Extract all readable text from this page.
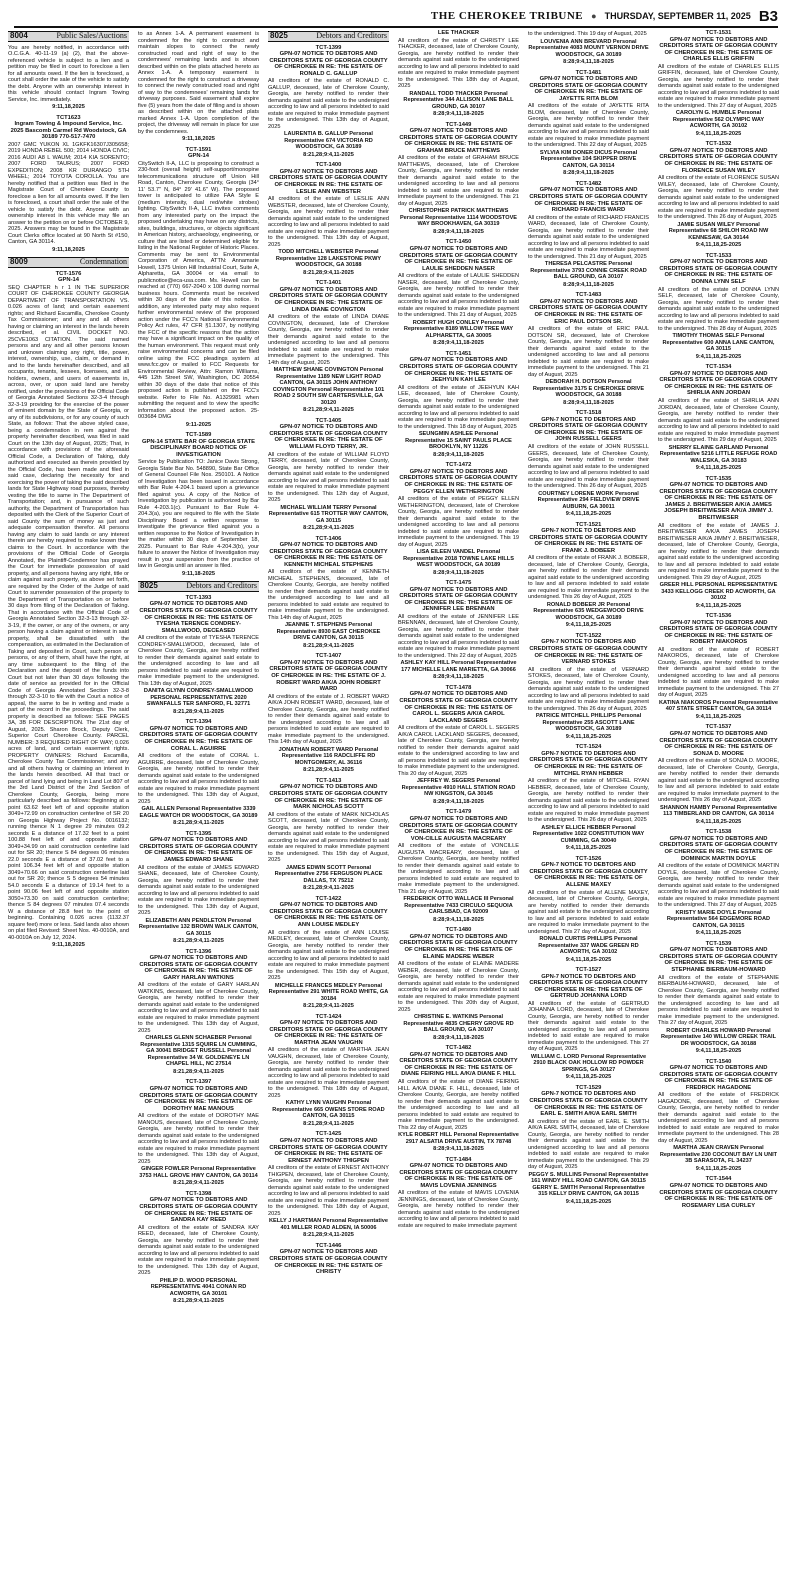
THE CHEROKEE TRIBUNE ● THURSDAY, SEPTEMBER 11, 2025 B3
8004	Public Sales/Auctions
You are hereby notified, in accordance with O.C.G.A. 40-11-19 (a) (2), that the above-referenced vehicle is subject to a lien and a petition may be filed in court to foreclose a lien for all amounts owed. If the lien is foreclosed, a court shall order the sale of the vehicle to satisfy the debt. Anyone with an ownership interest in this vehicle should contact Ingram Towing Service, Inc. immediately.
9:11,18,2025
TCT1623
Ingram Towing & Impound Service, Inc. 2025 Bascomb Carmel Rd Woodstock, GA 30189 770-517-7470
2007 GMC YUKON XL 1GKFK16307J305658; 2019 HONDA REBEL 500; 2014 HONDA CIVIC; 2016 AUDI A8 L WAUM; 2014 KIA SORENTO; 2007 FORD TAURUS; 2007 FORD EXPEDITION; 2008 KR DURANGO 5TH WHEEL; 2014 TOYOTA COROLLA. You are hereby notified that a petition was filed in the Magistrate Court of Cherokee County to foreclose a lien for all amounts owed. If the lien is foreclosed, a court shall order the sale of the vehicle to satisfy the debt. Anyone with an ownership interest in this vehicle may file an answer to the petition on or before OCTOBER 9, 2025. Answers may be found in the Magistrate Court Clerks office located at 90 North St #150, Canton, GA 30114.
9:11,18,2025
8009	Condemnation
TCT-1576
GPN-14
SEQ CHAPTER h r 1 IN THE SUPERIOR COURT OF CHEROKEE COUNTY GEORGIA DEPARTMENT OF TRANSPORTATION VS. 0.026 acres of land; and certain easement rights; and Richard Escamilla, Cherokee County Tax Commissioner; and any and all others having or claiming an interest in the lands herein described, et al. CIVIL DOCKET NO. 25CVE1063 CITATION. The said named persons and any and all other persons known and unknown claiming any right, title, power, interest, ownership, use, claim, or demand in and to the lands hereinafter described, and all occupants, tenants, lessees, licensees, and all holders, owners, and users of easements in, across, over, or upon said land are hereby notified, under the provisions of the Official Code of Georgia Annotated Sections 32-3-4 through 32-3-19 providing for the exercise of the power of eminent domain by the State of Georgia, or any of its subdivisions, or for any county of such State, as follows: That the above styled case, being a condemnation in rem against the property hereinafter described, was filed in said Court on the 13th day of August, 2025; That, in accordance with provisions of the aforesaid Official Code, a Declaration of Taking, duly authorized and executed as therein provided by the Official Code, has been made and filed in said case, declaring the necessity for and exercising the power of taking the said described lands for State Highway road purposes, thereby vesting the title to same in The Department of Transportation; and, in pursuance of such authority, the Department of Transportation has deposited with the Clerk of the Superior Court of said County the sum of money as just and adequate compensation therefor. All persons having any claim to said lands or any interest therein are hereby required to make known their claims to the Court. In accordance with the provisions of the Official Code of Georgia Annotated, the Plaintiff-Condemnor has prayed the Court for immediate possession of said property, and all persons having any right, title or claim against such property, as above set forth, are required by the Order of the Judge of said Court to surrender possession of the property to the Department of Transportation on or before 30 days from filing of the Declaration of Taking. That in accordance with the Official Code of Georgia Annotated Section 32-3-13 through 32-3-19, if the owner, or any of the owners, or any person having a claim against or interest in said property, shall be dissatisfied with the compensation, as estimated in the Declaration of Taking and deposited in Court, such person or persons, or any of them, shall have the right, at any time subsequent to the filing of the Declaration and the deposit of the funds into Court but not later than 30 days following the date of service as provided for in the Official Code of Georgia Annotated Section 32-3-8 through 32-3-10 to file with the Court a notice of appeal, the same to be in writing and made a part of the record in the proceedings. The said property is described as follows: SEE PAGES 3A, 3B FOR DESCRIPTION. The 21st day of August, 2025. Sharon Brock, Deputy Clerk, Superior Court Cherokee County. PARCEL NUMBER: 3 REQUIRED RIGHT OF WAY; 0.026 acres of land, and certain easement rights. PROPERTY OWNERS: Richard Escamilla, Cherokee County Tax Commissioner; and any and all others having or claiming an interest in the lands herein described. All that tract or parcel of land lying and being in Land Lot 807 of the 3rd Land District of the 2nd Section of Cherokee County, Georgia, being more particularly described as follows: Beginning at a point 63.62 feet left of and opposite station 3049+72.99 on construction centerline of SR 20 on Georgia Highway Project No. 0016132; running thence N 1 degree 29 minutes 09.2 seconds E a distance of 17.32 feet to a point 100.88 feet left of and opposite station 3049+34.99 on said construction centerline laid out for SR 20; thence S 84 degrees 06 minutes 22.0 seconds E a distance of 37.02 feet to a point 106.34 feet left of and opposite station 3049+70.66 on said construction centerline laid out for SR 20; thence S 5 degrees 54 minutes 54.0 seconds E a distance of 19.14 feet to a point 90.06 feet left of and opposite station 3050+73.30 on said construction centerline; thence S 84 degrees 07 minutes 07.4 seconds W a distance of 28.8 feet to the point of beginning. Containing 0.026 acres (1132.37 square feet) more or less. Said lands also shown on plat filed Revised: Sheet Nos. 40-0010A, and 40-0010A on July 12, 2024.
9:11,18,2025
to as Annex 1-A. A permanent easement is condemned for the right to construct and maintain slopes to connect the newly constructed road and right of way to the condemnees' remaining lands and is shown described within on the plats attached hereto as Annex 1-A. A temporary easement is condemned for the right to construct a driveway to connect the newly constructed road and right of way to the condemnees' remaining lands for driveway purposes. Said easement shall expire five (5) years from the date of filing and is shown as described within on the attached plats marked Annex 1-A. Upon completion of the project, the driveway will remain in place for use by the condemnees.
9:11,18,2025
TCT-1591
GPN-14
CitySwitch II-A, LLC is proposing to construct a 230-foot (overall height) self-support/monopine telecommunications structure off Union Hill Road, Canton, Cherokee County, Georgia (34° 11' 53.7" N, 84° 29' 41.6" W). The proposed tower is anticipated to utilize FAA Style E (medium intensity, dual red/white strobes) lighting. CitySwitch II-A, LLC invites comments from any interested party on the impact the proposed undertaking may have on any districts, sites, buildings, structures, or objects significant in American history, archaeology, engineering, or culture that are listed or determined eligible for listing in the National Register of Historic Places. Comments may be sent to Environmental Corporation of America, ATTN: Annamarie Howell, 1375 Union Hill Industrial Court, Suite A, Alpharetta, GA 30004 or via email to publicnotice@eca-usa.com. Ms. Howell can be reached at (770) 667-2040 x 108 during normal business hours. Comments must be received within 30 days of the date of this notice. In addition, any interested party may also request further environmental review of the proposed action under the FCC's National Environmental Policy Act rules, 47 CFR §1.1307, by notifying the FCC of the specific reasons that the action may have a significant impact on the quality of the human environment. This request must only raise environmental concerns and can be filed online using the FCC pleadings system at www.fcc.gov or mailed to FCC Requests for Environmental Review, Attn: Ramon Williams, 445 12th Street SW, Washington, DC 20554 within 30 days of the date that notice of this proposed action is published on the FCC's website. Refer to File No. A1329981 when submitting the request and to view the specific information about the proposed action. 25-003684 DMG
9:11-2025
TCT-1589
GPN-14 STATE BAR OF GEORGIA STATE DISCIPLINARY BOARD NOTICE OF INVESTIGATION
Service by Publication TO: Janice Davis Strong, Georgia State Bar No. 548890, State Bar Office of General Counsel File Nos. 250101. A Notice of Investigation has been issued in accordance with Bar Rule 4-204.1 based upon a grievance filed against you. A copy of the Notice of Investigation by publication is authorized by Bar Rule 4-203.1(c). Pursuant to Bar Rule 4-204.3(a), you are required to file with the State Disciplinary Board a written response to investigate the grievance filed against you a written response to the Notice of Investigation in the matter within 30 days of September 18, 2025. Pursuant to Bar Rule 4-204.3(b), your failure to answer the Notice of Investigation may result in your suspension from the practice of law in Georgia until an answer is filed.
9:11,18-2025
8025	Debtors and Creditors
TCT-1393
GPN-07 NOTICE TO DEBTORS AND CREDITORS STATE OF GEORGIA COUNTY OF CHEROKEE IN RE: THE ESTATE OF TYESHA TERENCE CONDREY-SMALLWOOD, DECEASED
All creditors of the estate of TYESHA TERENCE CONDREY-SMALLWOOD, deceased, late of Cherokee County, Georgia, are hereby notified to render their demands against said estate to the undersigned according to law and all persons indebted to said estate are required to make immediate payment to the undersigned. This 13th day of August, 2025
DANITA GLYNN CONDREY-SMALLWOOD PERSONAL REPRESENTATIVE 2020 SWANFALLS TER SANFORD, FL 32771
8:21,28;9:4,11-2025
TCT-1394
GPN-07 NOTICE TO DEBTORS AND CREDITORS STATE OF GEORGIA COUNTY OF CHEROKEE IN RE: THE ESTATE OF CORAL L. AGUIRRE
All creditors of the estate of CORAL L. AGUIRRE, deceased, late of Cherokee County, Georgia, are hereby notified to render their demands against said estate to the undersigned according to law and all persons indebted to said estate are required to make immediate payment to the undersigned. This 13th day of August, 2025
GAIL ALLEN Personal Representative 3339 EAGLE WATCH DR WOODSTOCK, GA 30189
8:21,28;9:4,11-2025
TCT-1395
GPN-07 NOTICE TO DEBTORS AND CREDITORS STATE OF GEORGIA COUNTY OF CHEROKEE IN RE: THE ESTATE OF JAMES EDWARD SHANE
All creditors of the estate of JAMES EDWARD SHANE, deceased, late of Cherokee County, Georgia, are hereby notified to render their demands against said estate to the undersigned according to law and all persons indebted to said estate are required to make immediate payment to the undersigned. This 13th day of August, 2025
ELIZABETH ANN PENDLETON Personal Representative 132 BROWN WALK CANTON, GA 30115
8:21,28;9:4,11-2025
TCT-1396
GPN-07 NOTICE TO DEBTORS AND CREDITORS STATE OF GEORGIA COUNTY OF CHEROKEE IN RE: THE ESTATE OF GARY HARLAN WATKINS
All creditors of the estate of GARY HARLAN WATKINS, deceased, late of Cherokee County, Georgia, are hereby notified to render their demands against said estate to the undersigned according to law and all persons indebted to said estate are required to make immediate payment to the undersigned. This 13th day of August, 2025
CHARLES GLENN SCHAEBER Personal Representative 1315 SQUIRE LN CUMMING, GA 30041 BRIDGET RUSSELL Personal Representative 34 W. GOLDENEYE LN CHAPEL HILL, NC 27514
8:21,28;9:4,11-2025
TCT-1397
GPN-07 NOTICE TO DEBTORS AND CREDITORS STATE OF GEORGIA COUNTY OF CHEROKEE IN RE: THE ESTATE OF DOROTHY MAE MANOUS
All creditors of the estate of DOROTHY MAE MANOUS, deceased, late of Cherokee County, Georgia, are hereby notified to render their demands against said estate to the undersigned according to law and all persons indebted to said estate are required to make immediate payment to the undersigned. This 13th day of August, 2025
GINGER FOWLER Personal Representative 3753 HALL GROVE HWY CANTON, GA 30114
8:21,28;9:4,11-2025
TCT-1398
GPN-07 NOTICE TO DEBTORS AND CREDITORS STATE OF GEORGIA COUNTY OF CHEROKEE IN RE: THE ESTATE OF SANDRA KAY REED
All creditors of the estate of SANDRA KAY REED, deceased, late of Cherokee County, Georgia, are hereby notified to render their demands against said estate to the undersigned according to law and all persons indebted to said estate are required to make immediate payment to the undersigned. This 13th day of August, 2025
PHILIP D. WOOD PERSONAL REPRESENTATIVE 4041 CONAN RD ACWORTH, GA 30101
8:21,28;9:4,11-2025
8025	Debtors and Creditors
TCT-1399
GPN-07 NOTICE TO DEBTORS AND CREDITORS STATE OF GEORGIA COUNTY OF CHEROKEE IN RE: THE ESTATE OF RONALD C. GALLUP
All creditors of the estate of RONALD C. GALLUP, deceased, late of Cherokee County, Georgia, are hereby notified to render their demands against said estate to the undersigned according to law and all persons indebted to said estate are required to make immediate payment to the undersigned. This 13th day of August, 2025
LAURENTIA B. GALLUP Personal Representative 674 VICTORIA RD WOODSTOCK, GA 30189
8:21,28;9:4,11-2025
TCT-1400
GPN-07 NOTICE TO DEBTORS AND CREDITORS STATE OF GEORGIA COUNTY OF CHEROKEE IN RE: THE ESTATE OF LESLIE ANN WEBSTER
All creditors of the estate of LESLIE ANN WEBSTER, deceased, late of Cherokee County, Georgia, are hereby notified to render their demands against said estate to the undersigned according to law and all persons indebted to said estate are required to make immediate payment to the undersigned. This 13th day of August, 2025
TODD MITCHELL WEBSTER Personal Representative 128 LAKESTONE PKWY WOODSTOCK, GA 30188
8:21,28;9:4,11-2025
TCT-1401
GPN-07 NOTICE TO DEBTORS AND CREDITORS STATE OF GEORGIA COUNTY OF CHEROKEE IN RE: THE ESTATE OF LINDA DIANE COVINGTON
All creditors of the estate of LINDA DIANE COVINGTON, deceased, late of Cherokee County, Georgia, are hereby notified to render their demands against said estate to the undersigned according to law and all persons indebted to said estate are required to make immediate payment to the undersigned. This 14th day of August, 2025
MATTHEW SHANE COVINGTON Personal Representative 1189 NEW LIGHT ROAD CANTON, GA 30115 JOHN ANTHONY COVINGTON Personal Representative 101 ROAD 2 SOUTH SW CARTERSVILLE, GA 30120
8:21,28;9:4,11-2025
TCT-1405
GPN-07 NOTICE TO DEBTORS AND CREDITORS STATE OF GEORGIA COUNTY OF CHEROKEE IN RE: THE ESTATE OF WILLIAM FLOYD TERRY, JR.
All creditors of the estate of WILLIAM FLOYD TERRY, deceased, late of Cherokee County, Georgia, are hereby notified to render their demands against said estate to the undersigned according to law and all persons indebted to said estate are required to make immediate payment to the undersigned. This 12th day of August, 2025
MICHAEL WILLIAM TERRY Personal Representative 615 TROTTER WAY CANTON, GA 30115
8:21,28;9:4,11-2025
TCT-1406
GPN-07 NOTICE TO DEBTORS AND CREDITORS STATE OF GEORGIA COUNTY OF CHEROKEE IN RE: THE ESTATE OF KENNETH MICHEAL STEPHENS
All creditors of the estate of KENNETH MICHEAL STEPHENS, deceased, late of Cherokee County, Georgia, are hereby notified to render their demands against said estate to the undersigned according to law and all persons indebted to said estate are required to make immediate payment to the undersigned. This 14th day of August, 2025
JEANNIE T. STEPHENS Personal Representative 8930 EAST CHEROKEE DRIVE CANTON, GA 30115
8:21,28;9:4,11-2025
TCT-1407
GPN-07 NOTICE TO DEBTORS AND CREDITORS STATE OF GEORGIA COUNTY OF CHEROKEE IN RE: THE ESTATE OF J. ROBERT WARD A/K/A JOHN ROBERT WARD
All creditors of the estate of J. ROBERT WARD A/K/A JOHN ROBERT WARD, deceased, late of Cherokee County, Georgia, are hereby notified to render their demands against said estate to the undersigned according to law and all persons indebted to said estate are required to make immediate payment to the undersigned. This 14th day of August, 2025
JONATHAN ROBERT WARD Personal Representative 116 RADCLIFFE RD MONTGOMERY, AL 36116
8:21,28;9:4,11-2025
TCT-1413
GPN-07 NOTICE TO DEBTORS AND CREDITORS STATE OF GEORGIA COUNTY OF CHEROKEE IN RE: THE ESTATE OF MARK NICHOLAS SCOTT
All creditors of the estate of MARK NICHOLAS SCOTT, deceased, late of Cherokee County, Georgia, are hereby notified to render their demands against said estate to the undersigned according to law and all persons indebted to said estate are required to make immediate payment to the undersigned. This 15th day of August, 2025
JAMES EDWIN SCOTT Personal Representative 2756 FERGUSON PLACE DALLAS, TX 75212
8:21,28;9:4,11-2025
TCT-1422
GPN-07 NOTICE TO DEBTORS AND CREDITORS STATE OF GEORGIA COUNTY OF CHEROKEE IN RE: THE ESTATE OF ANN LOUISE MEDLEY
All creditors of the estate of ANN LOUISE MEDLEY, deceased, late of Cherokee County, Georgia, are hereby notified to render their demands against said estate to the undersigned according to law and all persons indebted to said estate are required to make immediate payment to the undersigned. This 15th day of August, 2025
MICHELLE FRANCES MEDLEY Personal Representative 291 WHITE ROAD WHITE, GA 30184
8:21,28;9:4,11-2025
TCT-1424
GPN-07 NOTICE TO DEBTORS AND CREDITORS STATE OF GEORGIA COUNTY OF CHEROKEE IN RE: THE ESTATE OF MARTHA JEAN VAUGHN
All creditors of the estate of MARTHA JEAN VAUGHN, deceased, late of Cherokee County, Georgia, are hereby notified to render their demands against said estate to the undersigned according to law and all persons indebted to said estate are required to make immediate payment to the undersigned. This 18th day of August, 2025
KATHY LYNN VAUGHN Personal Representative 665 OWENS STORE ROAD CANTON, GA 30115
8:21,28;9:4,11-2025
TCT-1425
GPN-07 NOTICE TO DEBTORS AND CREDITORS STATE OF GEORGIA COUNTY OF CHEROKEE IN RE: THE ESTATE OF ERNEST ANTHONY THIGPEN
All creditors of the estate of ERNEST ANTHONY THIGPEN, deceased, late of Cherokee County, Georgia, are hereby notified to render their demands against said estate to the undersigned according to law and all persons indebted to said estate are required to make immediate payment to the undersigned. This 18th day of August, 2025
KELLY J HARTMAN Personal Representative 401 MILLER ROAD ALDEN, IA 50006
8:21,28;9:4,11-2025
TCT-1446
GPN-07 NOTICE TO DEBTORS AND CREDITORS STATE OF GEORGIA COUNTY OF CHEROKEE IN RE: THE ESTATE OF CHRISTY
LEE THACKER
All creditors of the estate of CHRISTY LEE THACKER, deceased, late of Cherokee County, Georgia, are hereby notified to render their demands against said estate to the undersigned according to law and all persons indebted to said estate are required to make immediate payment to the undersigned. This 18th day of August, 2025
RANDALL TODD THACKER Personal Representative 344 ALLISON LANE BALL GROUND, GA 30107
8:28;9:4,11,18-2025
TCT-1449
GPN-07 NOTICE TO DEBTORS AND CREDITORS STATE OF GEORGIA COUNTY OF CHEROKEE IN RE: THE ESTATE OF GRAHAM BRUCE MATTHEWS
All creditors of the estate of GRAHAM BRUCE MATTHEWS, deceased, late of Cherokee County, Georgia, are hereby notified to render their demands against said estate to the undersigned according to law and all persons indebted to said estate are required to make immediate payment to the undersigned. This 21 day of August, 2025
CHRISTOPHER PATRICK MATTHEWS Personal Representative 1114 WOODSTOVE WAY BROOKHAVEN, GA 30319
8:28;9:4,11,18-2025
TCT-1450
GPN-07 NOTICE TO DEBTORS AND CREDITORS STATE OF GEORGIA COUNTY OF CHEROKEE IN RE: THE ESTATE OF LAULIE SHEDDEN NASER
All creditors of the estate of LAULIE SHEDDEN NASER, deceased, late of Cherokee County, Georgia, are hereby notified to render their demands against said estate to the undersigned according to law and all persons indebted to said estate are required to make immediate payment to the undersigned. This 21 day of August, 2025
ROBERT HUGH CONLEY Personal Representative 8189 WILLOW TREE WAY ALPHARETTA, GA 30005
8:28;9:4,11,18-2025
TCT-1451
GPN-07 NOTICE TO DEBTORS AND CREDITORS STATE OF GEORGIA COUNTY OF CHEROKEE IN RE: THE ESTATE OF JEEHYUN KAH LEE
All creditors of the estate of JEEHYUN KAH LEE, deceased, late of Cherokee County, Georgia, are hereby notified to render their demands against said estate to the undersigned according to law and all persons indebted to said estate are required to make immediate payment to the undersigned. This 18 day of August, 2025
SEUNGMIN ASHLEE Personal Representative 15 SAINT PAULS PLACE BROOKLYN, NY 11226
8:28;9:4,11,18-2025
TCT-1472
GPN-07 NOTICE TO DEBTORS AND CREDITORS STATE OF GEORGIA COUNTY OF CHEROKEE IN RE: THE ESTATE OF PEGGY ELLEN WETHERINGTON
All creditors of the estate of PEGGY ELLEN WETHERINGTON, deceased, late of Cherokee County, Georgia, are hereby notified to render their demands against said estate to the undersigned according to law and all persons indebted to said estate are required to make immediate payment to the undersigned. This 19 day of August, 2025
LISA EILEEN VANDEL Personal Representative 2018 TOWNE LAKE HILLS WEST WOODSTOCK, GA 30189
8:28;9:4,11,18-2025
TCT-1475
GPN-07 NOTICE TO DEBTORS AND CREDITORS STATE OF GEORGIA COUNTY OF CHEROKEE IN RE: THE ESTATE OF JENNIFER LEE BRENNAN
All creditors of the estate of JENNIFER LEE BRENNAN, deceased, late of Cherokee County, Georgia, are hereby notified to render their demands against said estate to the undersigned according to law and all persons indebted to said estate are required to make immediate payment to the undersigned. This 22 day of August, 2025
ASHLEY KAY HILL Personal Representative 177 MICHELLE LANE MARIETTA, GA 30066
8:28;9:4,11,18-2025
TCT-1478
GPN-07 NOTICE TO DEBTORS AND CREDITORS STATE OF GEORGIA COUNTY OF CHEROKEE IN RE: THE ESTATE OF CAROL L. SEGERS A/K/A CAROL LACKLAND SEGERS
All creditors of the estate of CAROL L. SEGERS A/K/A CAROL LACKLAND SEGERS, deceased, late of Cherokee County, Georgia, are hereby notified to render their demands against said estate to the undersigned according to law and all persons indebted to said estate are required to make immediate payment to the undersigned. This 20 day of August, 2025
JEFFREY W. SEGERS Personal Representative 4910 HALL STATION ROAD NW KINGSTON, GA 30145
8:28;9:4,11,18-2025
TCT-1479
GPN-07 NOTICE TO DEBTORS AND CREDITORS STATE OF GEORGIA COUNTY OF CHEROKEE IN RE: THE ESTATE OF VON-CILLE AUGUSTA MACREARY
All creditors of the estate of VONCILLE AUGUSTA MACREARY, deceased, late of Cherokee County, Georgia, are hereby notified to render their demands against said estate to the undersigned according to law and all persons indebted to said estate are required to make immediate payment to the undersigned. This 21 day of August, 2025
FREDERICK OTTO WALLACE III Personal Representative 7433 CIRCULO SEQUOIA CARLSBAD, CA 92009
8:28;9:4,11,18-2025
TCT-1480
GPN-07 NOTICE TO DEBTORS AND CREDITORS STATE OF GEORGIA COUNTY OF CHEROKEE IN RE: THE ESTATE OF ELAINE MADERE WEBER
All creditors of the estate of ELAINE MADERE WEBER, deceased, late of Cherokee County, Georgia, are hereby notified to render their demands against said estate to the undersigned according to law and all persons indebted to said estate are required to make immediate payment to the undersigned. This 20th day of August, 2025
CHRISTINE E. WATKINS Personal Representative 4835 CHERRY GROVE RD BALL GROUND, GA 30107
8:28;9:4,11,18-2025
TCT-1482
GPN-07 NOTICE TO DEBTORS AND CREDITORS STATE OF GEORGIA COUNTY OF CHEROKEE IN RE: THE ESTATE OF DIANE FEIRING HILL A/K/A DIANE F. HILL
All creditors of the estate of DIANE FEIRING HILL A/K/A DIANE F. HILL, deceased, late of Cherokee County, Georgia, are hereby notified to render their demands against said estate to the undersigned according to law and all persons indebted to said estate are required to make immediate payment to the undersigned. This 22 day of August, 2025
KYLE ROBERT HILL Personal Representative 2917 ALSATIA DRIVE AUSTIN, TX 78748
8:28;9:4,11,18-2025
TCT-1484
GPN-07 NOTICE TO DEBTORS AND CREDITORS STATE OF GEORGIA COUNTY OF CHEROKEE IN RE: THE ESTATE OF MAVIS LOVENIA JENNINGS
All creditors of the estate of MAVIS LOVENIA JENNINGS, deceased, late of Cherokee County, Georgia, are hereby notified to render their demands against said estate to the undersigned according to law and all persons indebted to said estate are required to make immediate payment
to the undersigned. This 19 day of August, 2025
LOUVENIA ANN BREVARD Personal Representative 4083 MOUNT VERNON DRIVE WOODSTOCK, GA 30189
8:28;9:4,11,18-2025
TCT-1481
GPN-07 NOTICE TO DEBTORS AND CREDITORS STATE OF GEORGIA COUNTY OF CHEROKEE IN RE: THE ESTATE OF JAYETTE RITA BLOM
All creditors of the estate of JAYETTE RITA BLOM, deceased, late of Cherokee County, Georgia, are hereby notified to render their demands against said estate to the undersigned according to law and all persons indebted to said estate are required to make immediate payment to the undersigned. This 22 day of August, 2025
SYLVIA KIM DONER DICUS Personal Representative 104 SKIPPER DRIVE CANTON, GA 30114
8:28;9:4,11,18-2025
TCT-1482
GPN-07 NOTICE TO DEBTORS AND CREDITORS STATE OF GEORGIA COUNTY OF CHEROKEE IN RE: THE ESTATE OF RICHARD FRANCIS WARD
All creditors of the estate of RICHARD FRANCIS WARD, deceased, late of Cherokee County, Georgia, are hereby notified to render their demands against said estate to the undersigned according to law and all persons indebted to said estate are required to make immediate payment to the undersigned. This 21 day of August, 2025
THERESA PELCASTRE Personal Representative 3793 CONNIE CREEK ROAD BALL GROUND, GA 30107
8:28;9:4,11,18-2025
TCT-1483
GPN-07 NOTICE TO DEBTORS AND CREDITORS STATE OF GEORGIA COUNTY OF CHEROKEE IN RE: THE ESTATE OF ERIC PAUL DOTSON SR.
All creditors of the estate of ERIC PAUL DOTSON SR, deceased, late of Cherokee County, Georgia, are hereby notified to render their demands against said estate to the undersigned according to law and all persons indebted to said estate are required to make immediate payment to the undersigned. This 21 day of August, 2025
DEBORAH H. DOTSON Personal Representative 3175 E CHEROKEE DRIVE WOODSTOCK, GA 30188
8:28;9:4,11,18-2025
TCT-1518
GPN-7 NOTICE TO DEBTORS AND CREDITORS STATE OF GEORGIA COUNTY OF CHEROKEE IN RE: THE ESTATE OF JOHN RUSSELL GEERS
All creditors of the estate of JOHN RUSSELL GEERS, deceased, late of Cherokee County, Georgia, are hereby notified to render their demands against said estate to the undersigned according to law and all persons indebted to said estate are required to make immediate payment to the undersigned. This 26 day of August, 2025
COURTNEY LORENE WORK Personal Representative 294 FIELDVIEW DRIVE AUBURN, GA 30011
9:4,11,18,25-2025
TCT-1521
GPN-7 NOTICE TO DEBTORS AND CREDITORS STATE OF GEORGIA COUNTY OF CHEROKEE IN RE: THE ESTATE OF FRANK J. BOBEER
All creditors of the estate of FRANK J. BOBEER, deceased, late of Cherokee County, Georgia, are hereby notified to render their demands against said estate to the undersigned according to law and all persons indebted to said estate are required to make immediate payment to the undersigned. This 26 day of August, 2025
RONALD BOBEER JR Personal Representative 635 WEDGEWOOD DRIVE WOODSTOCK, GA 30189
9:4,11,18,25-2025
TCT-1522
GPN-7 NOTICE TO DEBTORS AND CREDITORS STATE OF GEORGIA COUNTY OF CHEROKEE IN RE: THE ESTATE OF VERNARD STOKES
All creditors of the estate of VERNARD STOKES, deceased, late of Cherokee County, Georgia, are hereby notified to render their demands against said estate to the undersigned according to law and all persons indebted to said estate are required to make immediate payment to the undersigned. This 26 day of August, 2025
PATRICE MITCHELL PHILLIPS Personal Representative 255 ASCOTT LANE WOODSTOCK, GA 30189
9:4,11,18,25-2025
TCT-1524
GPN-7 NOTICE TO DEBTORS AND CREDITORS STATE OF GEORGIA COUNTY OF CHEROKEE IN RE: THE ESTATE OF MITCHEL RYAN HEBBER
All creditors of the estate of MITCHEL RYAN HEBBER, deceased, late of Cherokee County, Georgia, are hereby notified to render their demands against said estate to the undersigned according to law and all persons indebted to said estate are required to make immediate payment to the undersigned. This 26 day of August, 2025
ASHLEY ELLICE HEBBER Personal Representative 1022 CONSTITUTION WAY CUMMING, GA 30040
9:4,11,18,25-2025
TCT-1526
GPN-7 NOTICE TO DEBTORS AND CREDITORS STATE OF GEORGIA COUNTY OF CHEROKEE IN RE: THE ESTATE OF ALLENE MAXEY
All creditors of the estate of ALLENE MAXEY, deceased, late of Cherokee County, Georgia, are hereby notified to render their demands against said estate to the undersigned according to law and all persons indebted to said estate are required to make immediate payment to the undersigned. This 27 day of August, 2025
RONALD CURTIS PHILLIPS Personal Representative 337 WADE GREEN RD ACWORTH, GA 30102
9:4,11,18,25-2025
TCT-1527
GPN-7 NOTICE TO DEBTORS AND CREDITORS STATE OF GEORGIA COUNTY OF CHEROKEE IN RE: THE ESTATE OF GERTRUD JOHANNA LORD
All creditors of the estate of GERTRUD JOHANNA LORD, deceased, late of Cherokee County, Georgia, are hereby notified to render their demands against said estate to the undersigned according to law and all persons indebted to said estate are required to make immediate payment to the undersigned. This 27 day of August, 2025
WILLIAM C. LORD Personal Representative 2910 BLACK OAK HOLLOW RD POWDER SPRINGS, GA 30127
9:4,11,18,25-2025
TCT-1529
GPN-7 NOTICE TO DEBTORS AND CREDITORS STATE OF GEORGIA COUNTY OF CHEROKEE IN RE: THE ESTATE OF EARL E. SMITH A/K/A EARL SMITH
All creditors of the estate of EARL E. SMITH A/K/A EARL SMITH, deceased, late of Cherokee County, Georgia, are hereby notified to render their demands against said estate to the undersigned according to law and all persons indebted to said estate are required to make immediate payment to the undersigned. This 29 day of August, 2025
PEGGY S. MULLINS Personal Representative 161 WINDY HILL ROAD CANTON, GA 30115 GERRY E. SMITH Personal Representative 315 KELLY DRIVE CANTON, GA 30115
9:4,11,18,25-2025
TCT-1531
GPN-07 NOTICE TO DEBTORS AND CREDITORS STATE OF GEORGIA COUNTY OF CHEROKEE IN RE: THE ESTATE OF CHARLES ELLIS GRIFFIN
All creditors of the estate of CHARLES ELLIS GRIFFIN, deceased, late of Cherokee County, Georgia, are hereby notified to render their demands against said estate to the undersigned according to law and all persons indebted to said estate are required to make immediate payment to the undersigned. This 27 day of August, 2025
CAROLYN G. HUMBLE Personal Representative 562 OLYMPIC WAY ACWORTH, GA 30102
9:4,11,18,25-2025
TCT-1532
GPN-07 NOTICE TO DEBTORS AND CREDITORS STATE OF GEORGIA COUNTY OF CHEROKEE IN RE: THE ESTATE OF FLORENCE SUSAN WILEY
All creditors of the estate of FLORENCE SUSAN WILEY, deceased, late of Cherokee County, Georgia, are hereby notified to render their demands against said estate to the undersigned according to law and all persons indebted to said estate are required to make immediate payment to the undersigned. This 26 day of August, 2025
JAMIE SUSAN WILEY Personal Representative 68 SHILOH ROAD NW KENNESAW, GA 30144
9:4,11,18,25-2025
TCT-1533
GPN-07 NOTICE TO DEBTORS AND CREDITORS STATE OF GEORGIA COUNTY OF CHEROKEE IN RE: THE ESTATE OF DONNA LYNN SELF
All creditors of the estate of DONNA LYNN SELF, deceased, late of Cherokee County, Georgia, are hereby notified to render their demands against said estate to the undersigned according to law and all persons indebted to said estate are required to make immediate payment to the undersigned. This 28 day of August, 2025
TIMOTHY THOMAS SELF Personal Representative 600 ANNA LANE CANTON, GA 30115
9:4,11,18,25-2025
TCT-1534
GPN-07 NOTICE TO DEBTORS AND CREDITORS STATE OF GEORGIA COUNTY OF CHEROKEE IN RE: THE ESTATE OF SHIRLIA ANN JORDAN
All creditors of the estate of SHIRLIA ANN JORDAN, deceased, late of Cherokee County, Georgia, are hereby notified to render their demands against said estate to the undersigned according to law and all persons indebted to said estate are required to make immediate payment to the undersigned. This 29 day of August, 2025
SHERRY ELAINE GARLAND Personal Representative 5216 LITTLE REFUGE ROAD WALESKA, GA 30183
9:4,11,18,25-2025
TCT-1535
GPN-07 NOTICE TO DEBTORS AND CREDITORS STATE OF GEORGIA COUNTY OF CHEROKEE IN RE: THE ESTATE OF JAMES J. BREITWIESER A/K/A JAMES JOSEPH BREITWIESER A/K/A JIMMY J. BREITWIESER
All creditors of the estate of JAMES J. BREITWIESER A/K/A JAMES JOSEPH BREITWIESER A/K/A JIMMY J. BREITWIESER, deceased, late of Cherokee County, Georgia, are hereby notified to render their demands against said estate to the undersigned according to law and all persons indebted to said estate are required to make immediate payment to the undersigned. This 29 day of August, 2025
GREER HILL PERSONAL REPRESENTATIVE 3433 KELLOGG CREEK RD ACWORTH, GA 30102
9:4,11,18,25-2025
TCT-1536
GPN-07 NOTICE TO DEBTORS AND CREDITORS STATE OF GEORGIA COUNTY OF CHEROKEE IN RE: THE ESTATE OF ROBERT NIAKOROS
All creditors of the estate of ROBERT NIAKOROS, deceased, late of Cherokee County, Georgia, are hereby notified to render their demands against said estate to the undersigned according to law and all persons indebted to said estate are required to make immediate payment to the undersigned. This 27 day of August, 2025
KATINA NIAKOROS Personal Representative 407 STATE STREET CANTON, GA 30114
9:4,11,18,25-2025
TCT-1537
GPN-07 NOTICE TO DEBTORS AND CREDITORS STATE OF GEORGIA COUNTY OF CHEROKEE IN RE: THE ESTATE OF SONJA D. MOORE
All creditors of the estate of SONJA D. MOORE, deceased, late of Cherokee County, Georgia, are hereby notified to render their demands against said estate to the undersigned according to law and all persons indebted to said estate are required to make immediate payment to the undersigned. This 26 day of August, 2025
SHANNON HAMBY Personal Representative 113 TIMBERLAND DR CANTON, GA 30114
9:4,11,18,25-2025
TCT-1538
GPN-07 NOTICE TO DEBTORS AND CREDITORS STATE OF GEORGIA COUNTY OF CHEROKEE IN RE: THE ESTATE OF DOMINICK MARTIN DOYLE
All creditors of the estate of DOMINICK MARTIN DOYLE, deceased, late of Cherokee County, Georgia, are hereby notified to render their demands against said estate to the undersigned according to law and all persons indebted to said estate are required to make immediate payment to the undersigned. This 27 day of August, 2025
KRISTY MARIE DOYLE Personal Representative 564 EDGEMORE ROAD CANTON, GA 30115
9:4,11,18,25-2025
TCT-1539
GPN-07 NOTICE TO DEBTORS AND CREDITORS STATE OF GEORGIA COUNTY OF CHEROKEE IN RE: THE ESTATE OF STEPHANIE BIERBAUM-HOWARD
All creditors of the estate of STEPHANIE BIERBAUM-HOWARD, deceased, late of Cherokee County, Georgia, are hereby notified to render their demands against said estate to the undersigned according to law and all persons indebted to said estate are required to make immediate payment to the undersigned. This 27 day of August, 2025
ROBERT CHARLES HOWARD Personal Representative 140 WILLOW CREEK TRAIL DR WOODSTOCK, GA 30188
9:4,11,18,25-2025
TCT-1540
GPN-07 NOTICE TO DEBTORS AND CREDITORS STATE OF GEORGIA COUNTY OF CHEROKEE IN RE: THE ESTATE OF FREDRICK HAGADONE
All creditors of the estate of FREDRICK HAGADONE, deceased, late of Cherokee County, Georgia, are hereby notified to render their demands against said estate to the undersigned according to law and all persons indebted to said estate are required to make immediate payment to the undersigned. This 28 day of August, 2025
MARTHA JEAN CRAVEN Personal Representative 230 COCONUT BAY LN UNIT 3B SARASOTA, FL 34237
9:4,11,18,25-2025
TCT-1544
GPN-07 NOTICE TO DEBTORS AND CREDITORS STATE OF GEORGIA COUNTY OF CHEROKEE IN RE: THE ESTATE OF ROSEMARY LISA CURLEY
